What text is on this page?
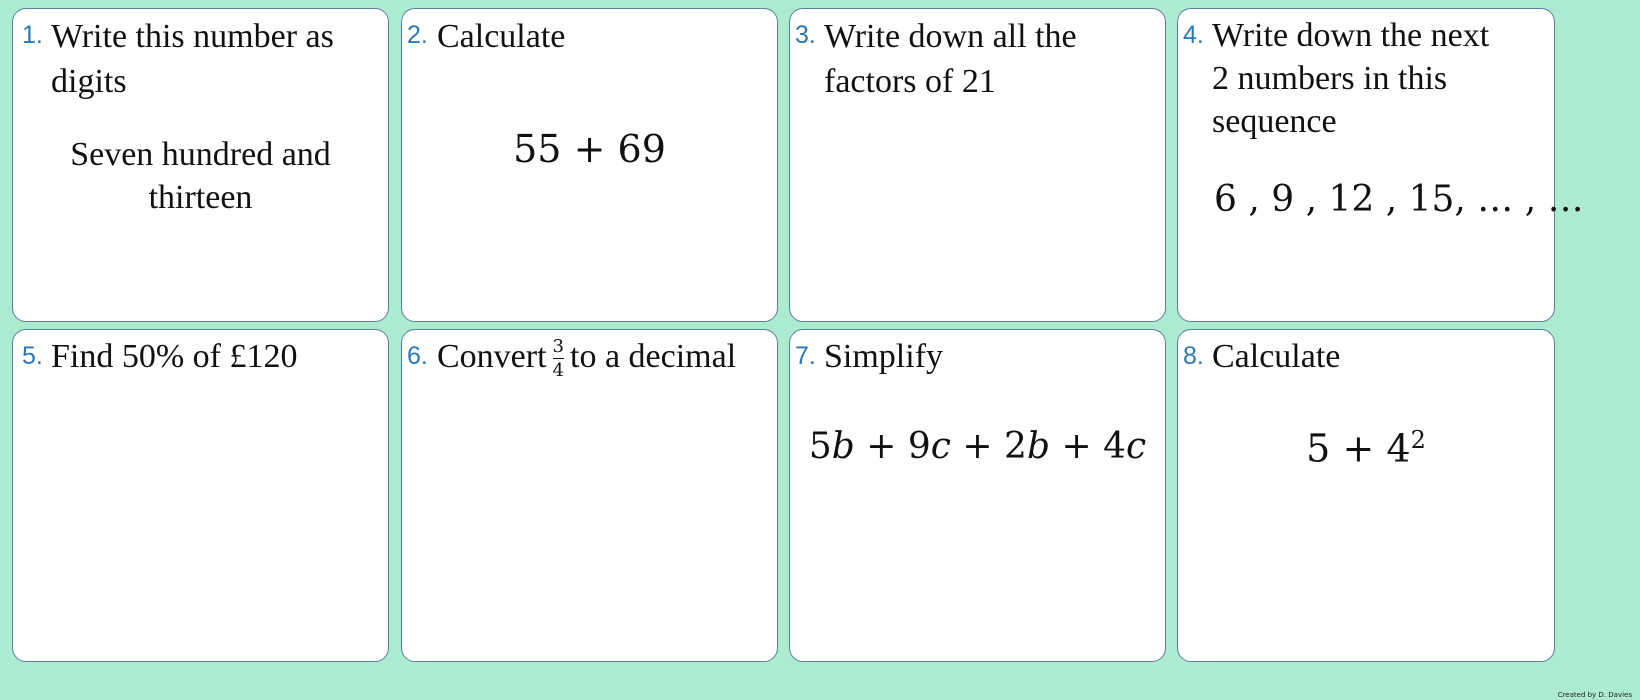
1. Write this number as
digits
Seven hundred and
thirteen
2. Calculate
55 + 69
3. Write down all the
factors of 21
4. Write down the next
2 numbers in this
sequence
6 , 9 , 12 , 15, … , …
5. Find 50% of £120	6. Convert $\frac{3}{4}$ to a decimal 7. Simplify
5b + 9c + 2b + 4c
8. Calculate
$5 + 4^2$
Created by D. Davies
